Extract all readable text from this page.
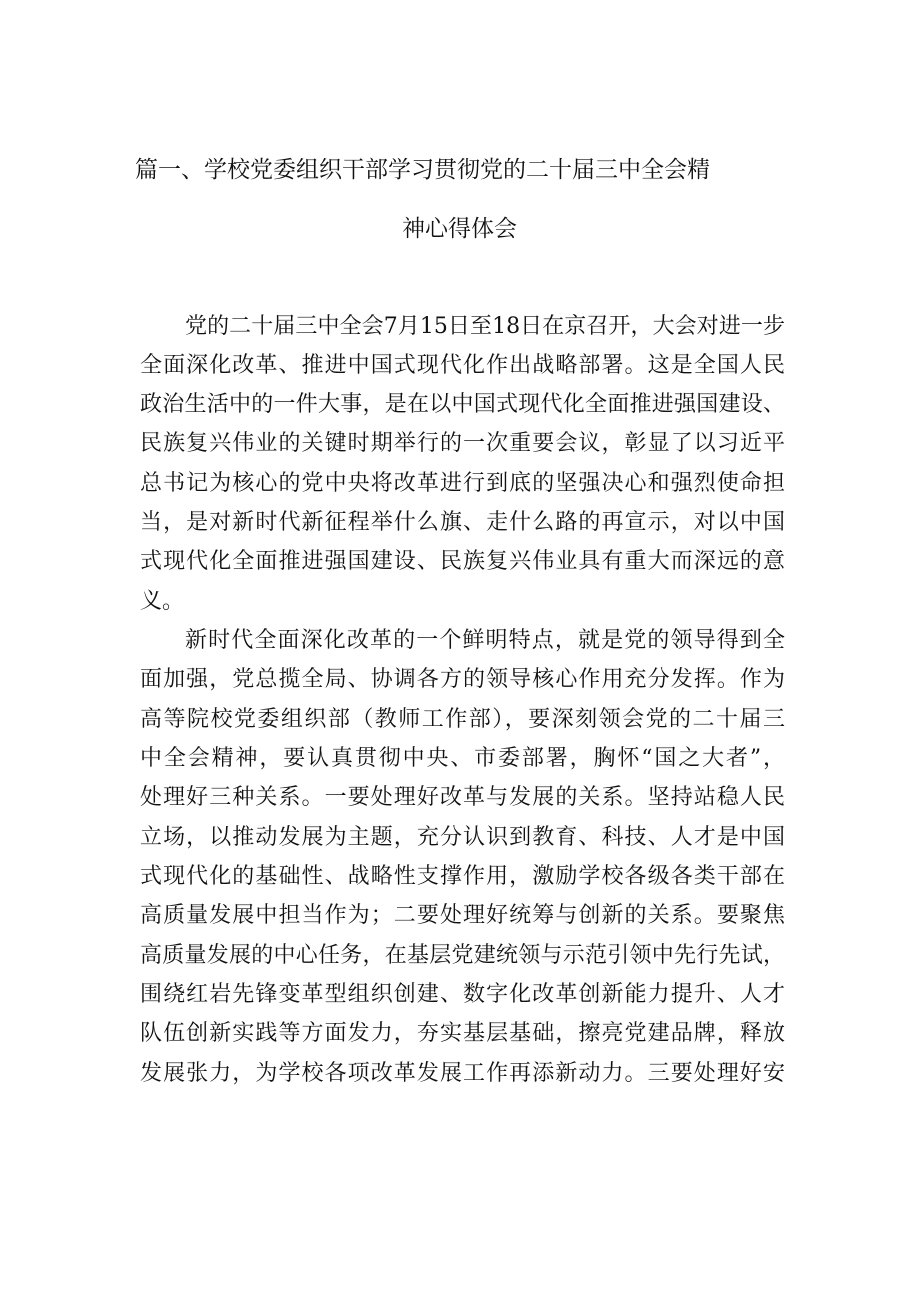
篇一、学校党委组织干部学习贯彻党的二十届三中全会精
神心得体会
党的二十届三中全会7月15日至18日在京召开，大会对进一步
全面深化改革、推进中国式现代化作出战略部署。这是全国人民
政治生活中的一件大事，是在以中国式现代化全面推进强国建设、
民族复兴伟业的关键时期举行的一次重要会议，彰显了以习近平
总书记为核心的党中央将改革进行到底的坚强决心和强烈使命担
当，是对新时代新征程举什么旗、走什么路的再宣示，对以中国
式现代化全面推进强国建设、民族复兴伟业具有重大而深远的意
义。
新时代全面深化改革的一个鲜明特点，就是党的领导得到全
面加强，党总揽全局、协调各方的领导核心作用充分发挥。作为
高等院校党委组织部（教师工作部），要深刻领会党的二十届三
中全会精神，要认真贯彻中央、市委部署，胸怀“国之大者”，
处理好三种关系。一要处理好改革与发展的关系。坚持站稳人民
立场，以推动发展为主题，充分认识到教育、科技、人才是中国
式现代化的基础性、战略性支撑作用，激励学校各级各类干部在
高质量发展中担当作为；二要处理好统筹与创新的关系。要聚焦
高质量发展的中心任务，在基层党建统领与示范引领中先行先试，
围绕红岩先锋变革型组织创建、数字化改革创新能力提升、人才
队伍创新实践等方面发力，夯实基层基础，擦亮党建品牌，释放
发展张力，为学校各项改革发展工作再添新动力。三要处理好安
